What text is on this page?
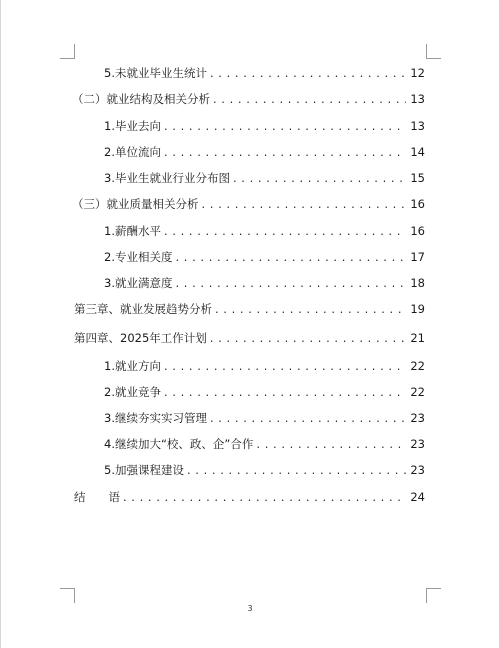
5.未就业毕业生统计 . . .	12
（二）就业结构及相关分析 . . .	13
1.毕业去向 . . .	13
2.单位流向 . . .	14
3.毕业生就业行业分布图 . . .	15
（三）就业质量相关分析 . . .	16
1.薪酬水平 . . .	16
2.专业相关度 . . .	17
3.就业满意度 . . .	18
第三章、就业发展趋势分析 . . .	19
第四章、2025年工作计划 . . .	21
1.就业方向 . . .	22
2.就业竞争 . . .	22
3.继续夯实实习管理 . . .	23
4.继续加大“校、政、企”合作 . . .	23
5.加强课程建设 . . .	23
结　　语 . . .	24
3
